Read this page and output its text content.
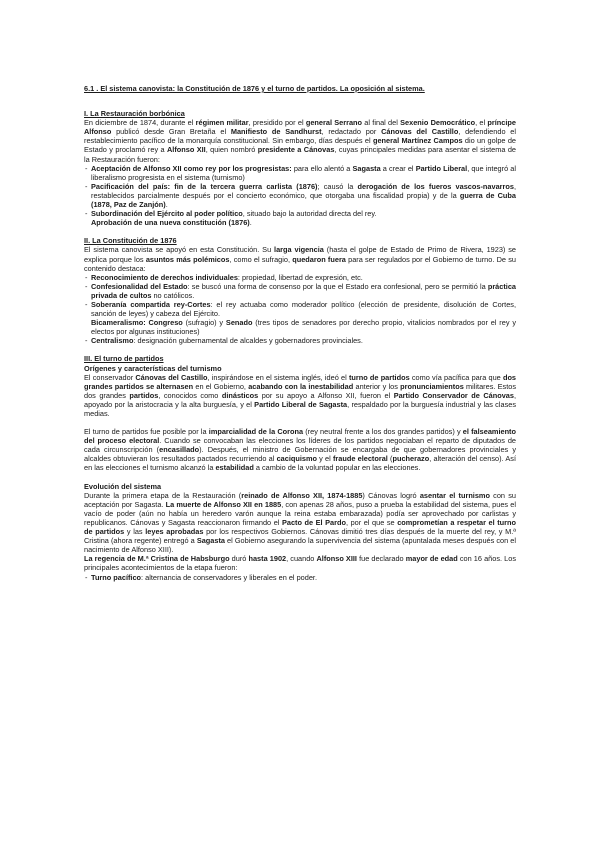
6.1 . El sistema canovista: la Constitución de 1876 y el turno de partidos. La oposición al sistema.

I. La Restauración borbónica

En diciembre de 1874, durante el régimen militar, presidido por el general Serrano al final del Sexenio Democrático, el príncipe Alfonso publicó desde Gran Bretaña el Manifiesto de Sandhurst, redactado por Cánovas del Castillo, defendiendo el restablecimiento pacífico de la monarquía constitucional. Sin embargo, días después el general Martínez Campos dio un golpe de Estado y proclamó rey a Alfonso XII, quien nombró presidente a Cánovas, cuyas principales medidas para asentar el sistema de la Restauración fueron:

- Aceptación de Alfonso XII como rey por los progresistas: para ello alentó a Sagasta a crear el Partido Liberal, que integró al liberalismo progresista en el sistema (turnismo)

- Pacificación del país: fin de la tercera guerra carlista (1876); causó la derogación de los fueros vascos-navarros, restablecidos parcialmente después por el concierto económico, que otorgaba una fiscalidad propia) y de la guerra de Cuba (1878, Paz de Zanjón).

- Subordinación del Ejército al poder político, situado bajo la autoridad directa del rey.

Aprobación de una nueva constitución (1876).

II. La Constitución de 1876

El sistema canovista se apoyó en esta Constitución. Su larga vigencia (hasta el golpe de Estado de Primo de Rivera, 1923) se explica porque los asuntos más polémicos, como el sufragio, quedaron fuera para ser regulados por el Gobierno de turno. De su contenido destaca:

- Reconocimiento de derechos individuales: propiedad, libertad de expresión, etc.

- Confesionalidad del Estado: se buscó una forma de consenso por la que el Estado era confesional, pero se permitió la práctica privada de cultos no católicos.

- Soberanía compartida rey-Cortes: el rey actuaba como moderador político (elección de presidente, disolución de Cortes, sanción de leyes) y cabeza del Ejército.

Bicameralismo: Congreso (sufragio) y Senado (tres tipos de senadores por derecho propio, vitalicios nombrados por el rey y electos por algunas instituciones)

- Centralismo: designación gubernamental de alcaldes y gobernadores provinciales.

III. El turno de partidos

Orígenes y características del turnismo

El conservador Cánovas del Castillo, inspirándose en el sistema inglés, ideó el turno de partidos como vía pacífica para que dos grandes partidos se alternasen en el Gobierno, acabando con la inestabilidad anterior y los pronunciamientos militares. Estos dos grandes partidos, conocidos como dinásticos por su apoyo a Alfonso XII, fueron el Partido Conservador de Cánovas, apoyado por la aristocracia y la alta burguesía, y el Partido Liberal de Sagasta, respaldado por la burguesía industrial y las clases medias.

El turno de partidos fue posible por la imparcialidad de la Corona (rey neutral frente a los dos grandes partidos) y el falseamiento del proceso electoral. Cuando se convocaban las elecciones los líderes de los partidos negociaban el reparto de diputados de cada circunscripción (encasillado). Después, el ministro de Gobernación se encargaba de que gobernadores provinciales y alcaldes obtuvieran los resultados pactados recurriendo al caciquismo y el fraude electoral (pucherazo, alteración del censo). Así en las elecciones el turnismo alcanzó la estabilidad a cambio de la voluntad popular en las elecciones.

Evolución del sistema

Durante la primera etapa de la Restauración (reinado de Alfonso XII, 1874-1885) Cánovas logró asentar el turnismo con su aceptación por Sagasta. La muerte de Alfonso XII en 1885, con apenas 28 años, puso a prueba la estabilidad del sistema, pues el vacío de poder (aún no había un heredero varón aunque la reina estaba embarazada) podía ser aprovechado por carlistas y republicanos. Cánovas y Sagasta reaccionaron firmando el Pacto de El Pardo, por el que se comprometían a respetar el turno de partidos y las leyes aprobadas por los respectivos Gobiernos. Cánovas dimitió tres días después de la muerte del rey, y M.ª Cristina (ahora regente) entregó a Sagasta el Gobierno asegurando la supervivencia del sistema (apuntalada meses después con el nacimiento de Alfonso XIII).

La regencia de M.ª Cristina de Habsburgo duró hasta 1902, cuando Alfonso XIII fue declarado mayor de edad con 16 años. Los principales acontecimientos de la etapa fueron:

- Turno pacífico: alternancia de conservadores y liberales en el poder.
